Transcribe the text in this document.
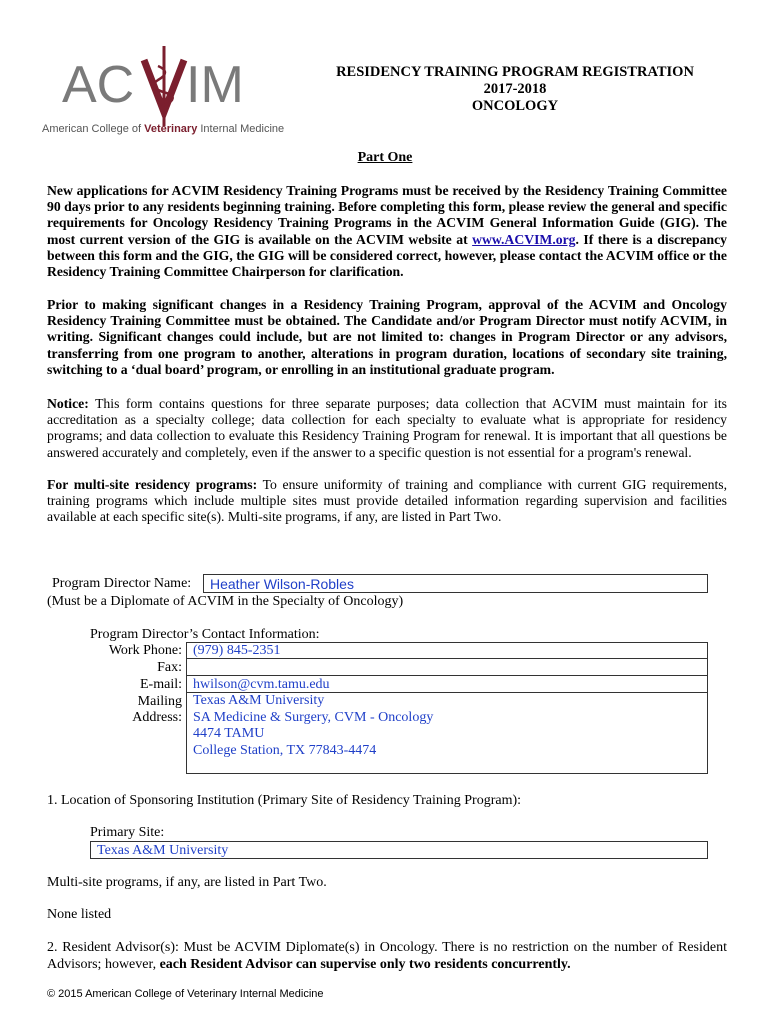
AC IM
American College of Veterinary Internal Medicine
RESIDENCY TRAINING PROGRAM REGISTRATION
2017-2018
ONCOLOGY
Part One
New applications for ACVIM Residency Training Programs must be received by the Residency Training Committee 90 days prior to any residents beginning training. Before completing this form, please review the general and specific requirements for Oncology Residency Training Programs in the ACVIM General Information Guide (GIG). The most current version of the GIG is available on the ACVIM website at www.ACVIM.org. If there is a discrepancy between this form and the GIG, the GIG will be considered correct, however, please contact the ACVIM office or the Residency Training Committee Chairperson for clarification.
Prior to making significant changes in a Residency Training Program, approval of the ACVIM and Oncology Residency Training Committee must be obtained. The Candidate and/or Program Director must notify ACVIM, in writing. Significant changes could include, but are not limited to: changes in Program Director or any advisors, transferring from one program to another, alterations in program duration, locations of secondary site training, switching to a ‘dual board’ program, or enrolling in an institutional graduate program.
Notice: This form contains questions for three separate purposes; data collection that ACVIM must maintain for its accreditation as a specialty college; data collection for each specialty to evaluate what is appropriate for residency programs; and data collection to evaluate this Residency Training Program for renewal. It is important that all questions be answered accurately and completely, even if the answer to a specific question is not essential for a program's renewal.
For multi-site residency programs: To ensure uniformity of training and compliance with current GIG requirements, training programs which include multiple sites must provide detailed information regarding supervision and facilities available at each specific site(s). Multi-site programs, if any, are listed in Part Two.
Program Director Name:	Heather Wilson-Robles
(Must be a Diplomate of ACVIM in the Specialty of Oncology)
Program Director’s Contact Information:
Work Phone:
Fax:
E-mail:
Mailing
Address:
(979) 845-2351
hwilson@cvm.tamu.edu
Texas A&M University
SA Medicine & Surgery, CVM - Oncology
4474 TAMU
College Station, TX 77843-4474
1. Location of Sponsoring Institution (Primary Site of Residency Training Program):
Primary Site:
Texas A&M University
Multi-site programs, if any, are listed in Part Two.
None listed
2. Resident Advisor(s): Must be ACVIM Diplomate(s) in Oncology. There is no restriction on the number of Resident Advisors; however, each Resident Advisor can supervise only two residents concurrently.
© 2015 American College of Veterinary Internal Medicine
